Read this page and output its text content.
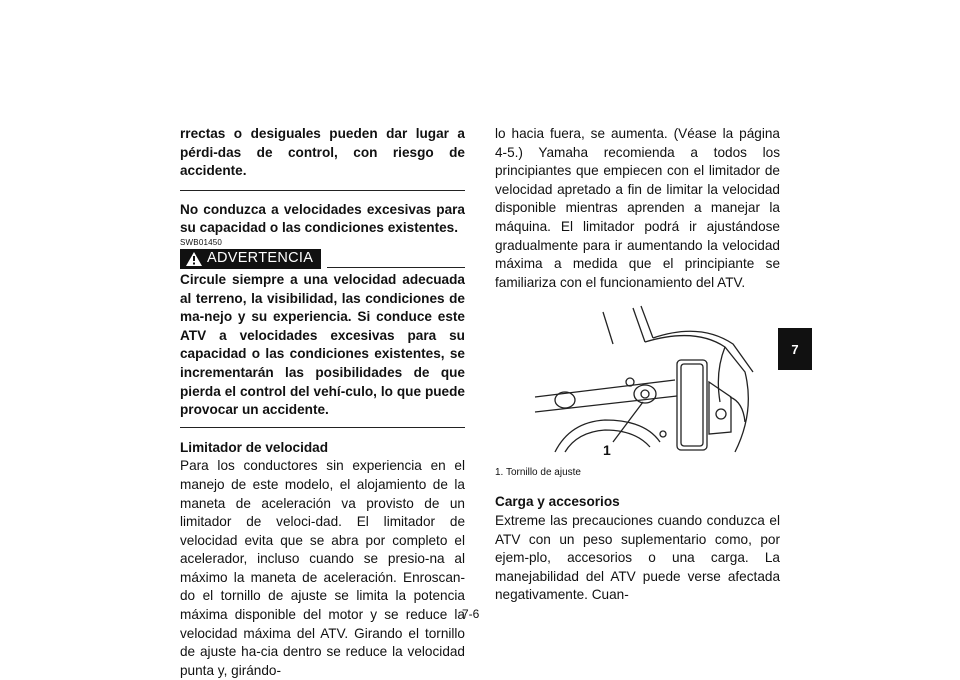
rrectas o desiguales pueden dar lugar a pérdi-das de control, con riesgo de accidente.
No conduzca a velocidades excesivas para su capacidad o las condiciones existentes.
SWB01450
ADVERTENCIA
Circule siempre a una velocidad adecuada al terreno, la visibilidad, las condiciones de ma-nejo y su experiencia. Si conduce este ATV a velocidades excesivas para su capacidad o las condiciones existentes, se incrementarán las posibilidades de que pierda el control del vehí-culo, lo que puede provocar un accidente.
Limitador de velocidad
Para los conductores sin experiencia en el manejo de este modelo, el alojamiento de la maneta de aceleración va provisto de un limitador de veloci-dad. El limitador de velocidad evita que se abra por completo el acelerador, incluso cuando se presio-na al máximo la maneta de aceleración. Enroscan-do el tornillo de ajuste se limita la potencia máxima disponible del motor y se reduce la velocidad máxima del ATV. Girando el tornillo de ajuste ha-cia dentro se reduce la velocidad punta y, girándo-
lo hacia fuera, se aumenta. (Véase la página 4-5.) Yamaha recomienda a todos los principiantes que empiecen con el limitador de velocidad apretado a fin de limitar la velocidad disponible mientras aprenden a manejar la máquina. El limitador podrá ir ajustándose gradualmente para ir aumentando la velocidad máxima a medida que el principiante se familiariza con el funcionamiento del ATV.
1
1. Tornillo de ajuste
Carga y accesorios
Extreme las precauciones cuando conduzca el ATV con un peso suplementario como, por ejem-plo, accesorios o una carga. La manejabilidad del ATV puede verse afectada negativamente. Cuan-
7
7-6
